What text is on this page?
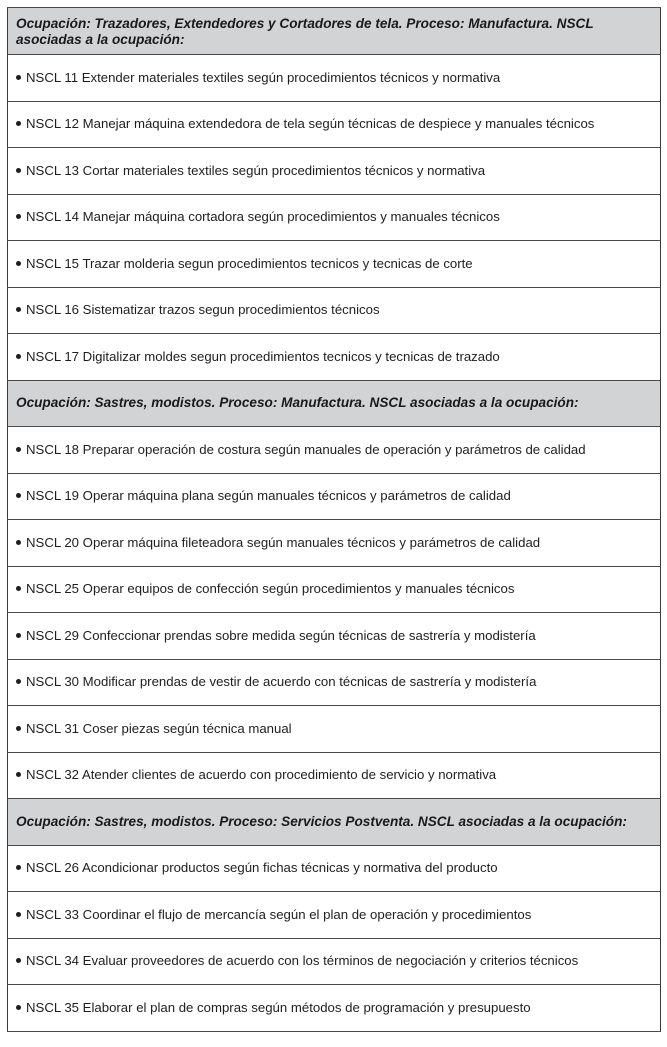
Ocupación: Trazadores, Extendedores y Cortadores de tela. Proceso: Manufactura. NSCL asociadas a la ocupación:
NSCL 11 Extender materiales textiles según procedimientos técnicos y normativa
NSCL 12 Manejar máquina extendedora de tela según técnicas de despiece y manuales técnicos
NSCL 13 Cortar materiales textiles según procedimientos técnicos y normativa
NSCL 14 Manejar máquina cortadora según procedimientos y manuales técnicos
NSCL 15 Trazar molderia segun procedimientos tecnicos y tecnicas de corte
NSCL 16 Sistematizar trazos segun procedimientos técnicos
NSCL 17 Digitalizar moldes segun procedimientos tecnicos y tecnicas de trazado
Ocupación: Sastres, modistos. Proceso: Manufactura. NSCL asociadas a la ocupación:
NSCL 18 Preparar operación de costura según manuales de operación y parámetros de calidad
NSCL 19 Operar máquina plana según manuales técnicos y parámetros de calidad
NSCL 20 Operar máquina fileteadora según manuales técnicos y parámetros de calidad
NSCL 25 Operar equipos de confección según procedimientos y manuales técnicos
NSCL 29 Confeccionar prendas sobre medida según técnicas de sastrería y modistería
NSCL 30 Modificar prendas de vestir de acuerdo con técnicas de sastrería y modistería
NSCL 31 Coser piezas según técnica manual
NSCL 32 Atender clientes de acuerdo con procedimiento de servicio y normativa
Ocupación: Sastres, modistos. Proceso: Servicios Postventa. NSCL asociadas a la ocupación:
NSCL 26 Acondicionar productos según fichas técnicas y normativa del producto
NSCL 33 Coordinar el flujo de mercancía según el plan de operación y procedimientos
NSCL 34 Evaluar proveedores de acuerdo con los términos de negociación y criterios técnicos
NSCL 35 Elaborar el plan de compras según métodos de programación y presupuesto
